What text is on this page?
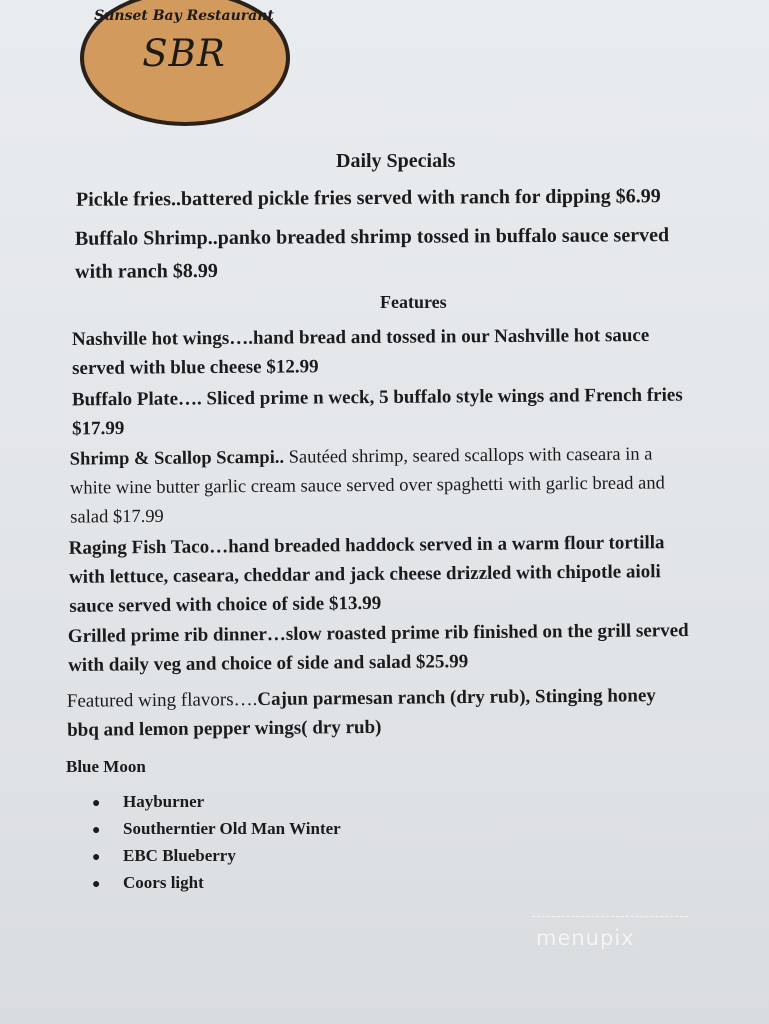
Sunset Bay Restaurant
SBR
Daily Specials
Pickle fries..battered pickle fries served with ranch for dipping $6.99
Buffalo Shrimp..panko breaded shrimp tossed in buffalo sauce served
with ranch $8.99
Features
Nashville hot wings….hand bread and tossed in our Nashville hot sauce
served with blue cheese $12.99
Buffalo Plate…. Sliced prime n weck, 5 buffalo style wings and French fries
$17.99
Shrimp & Scallop Scampi.. Sautéed shrimp, seared scallops with caseara in a
white wine butter garlic cream sauce served over spaghetti with garlic bread and
salad $17.99
Raging Fish Taco…hand breaded haddock served in a warm flour tortilla
with lettuce, caseara, cheddar and jack cheese drizzled with chipotle aioli
sauce served with choice of side $13.99
Grilled prime rib dinner…slow roasted prime rib finished on the grill served
with daily veg and choice of side and salad $25.99
Featured wing flavors….Cajun parmesan ranch (dry rub), Stinging honey
bbq and lemon pepper wings( dry rub)
Blue Moon
● Hayburner
● Southerntier Old Man Winter
● EBC Blueberry
● Coors light
menupix
